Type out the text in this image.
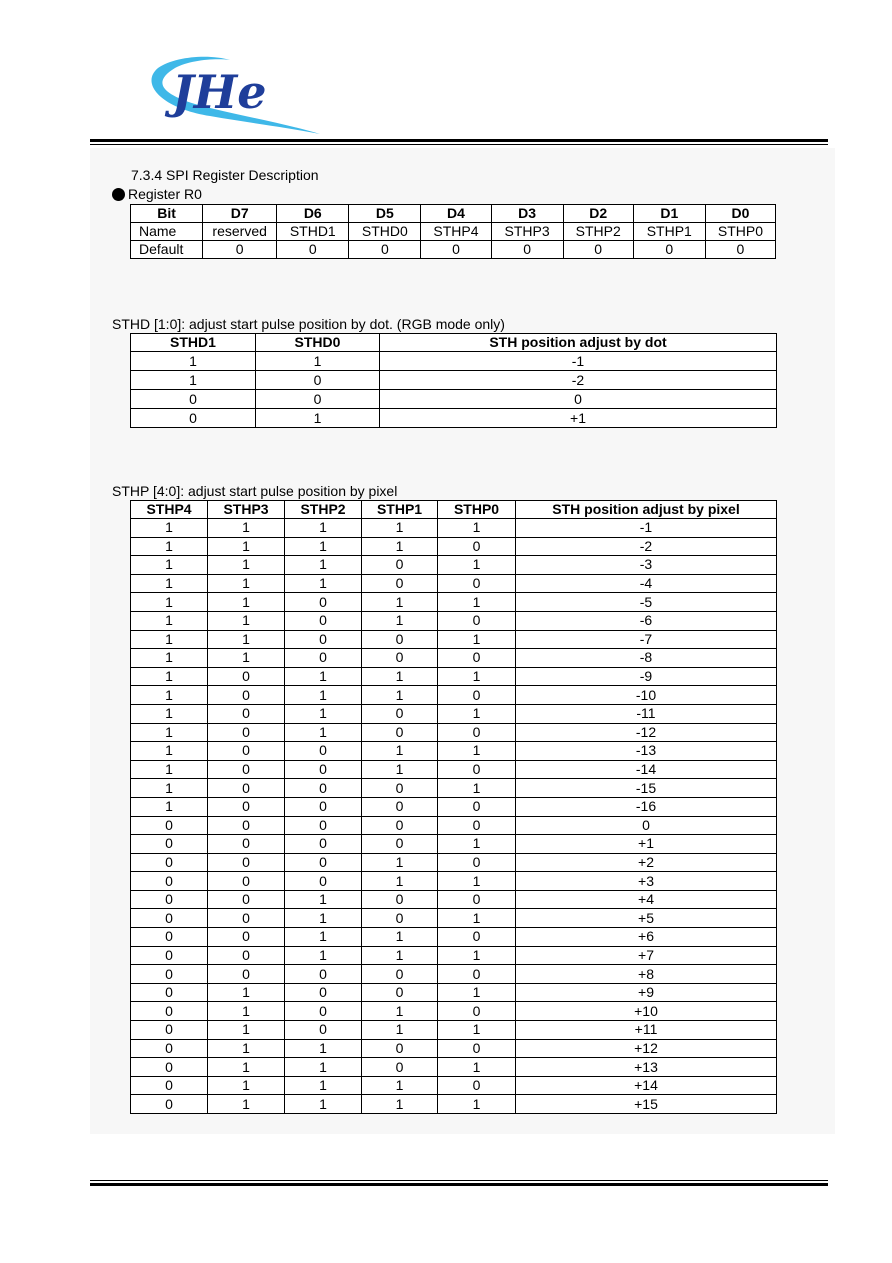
JHe
7.3.4 SPI Register Description
Register R0
Bit	D7	D6	D5	D4	D3	D2	D1	D0
Name	reserved	STHD1	STHD0	STHP4	STHP3	STHP2	STHP1	STHP0
Default	0	0	0	0	0	0	0	0
STHD [1:0]: adjust start pulse position by dot. (RGB mode only)
STHD1	STHD0	STH position adjust by dot
1	1	-1
1	0	-2
0	0	0
0	1	+1
STHP [4:0]: adjust start pulse position by pixel
STHP4	STHP3	STHP2	STHP1	STHP0	STH position adjust by pixel
1	1	1	1	1	-1
1	1	1	1	0	-2
1	1	1	0	1	-3
1	1	1	0	0	-4
1	1	0	1	1	-5
1	1	0	1	0	-6
1	1	0	0	1	-7
1	1	0	0	0	-8
1	0	1	1	1	-9
1	0	1	1	0	-10
1	0	1	0	1	-11
1	0	1	0	0	-12
1	0	0	1	1	-13
1	0	0	1	0	-14
1	0	0	0	1	-15
1	0	0	0	0	-16
0	0	0	0	0	0
0	0	0	0	1	+1
0	0	0	1	0	+2
0	0	0	1	1	+3
0	0	1	0	0	+4
0	0	1	0	1	+5
0	0	1	1	0	+6
0	0	1	1	1	+7
0	0	0	0	0	+8
0	1	0	0	1	+9
0	1	0	1	0	+10
0	1	0	1	1	+11
0	1	1	0	0	+12
0	1	1	0	1	+13
0	1	1	1	0	+14
0	1	1	1	1	+15
